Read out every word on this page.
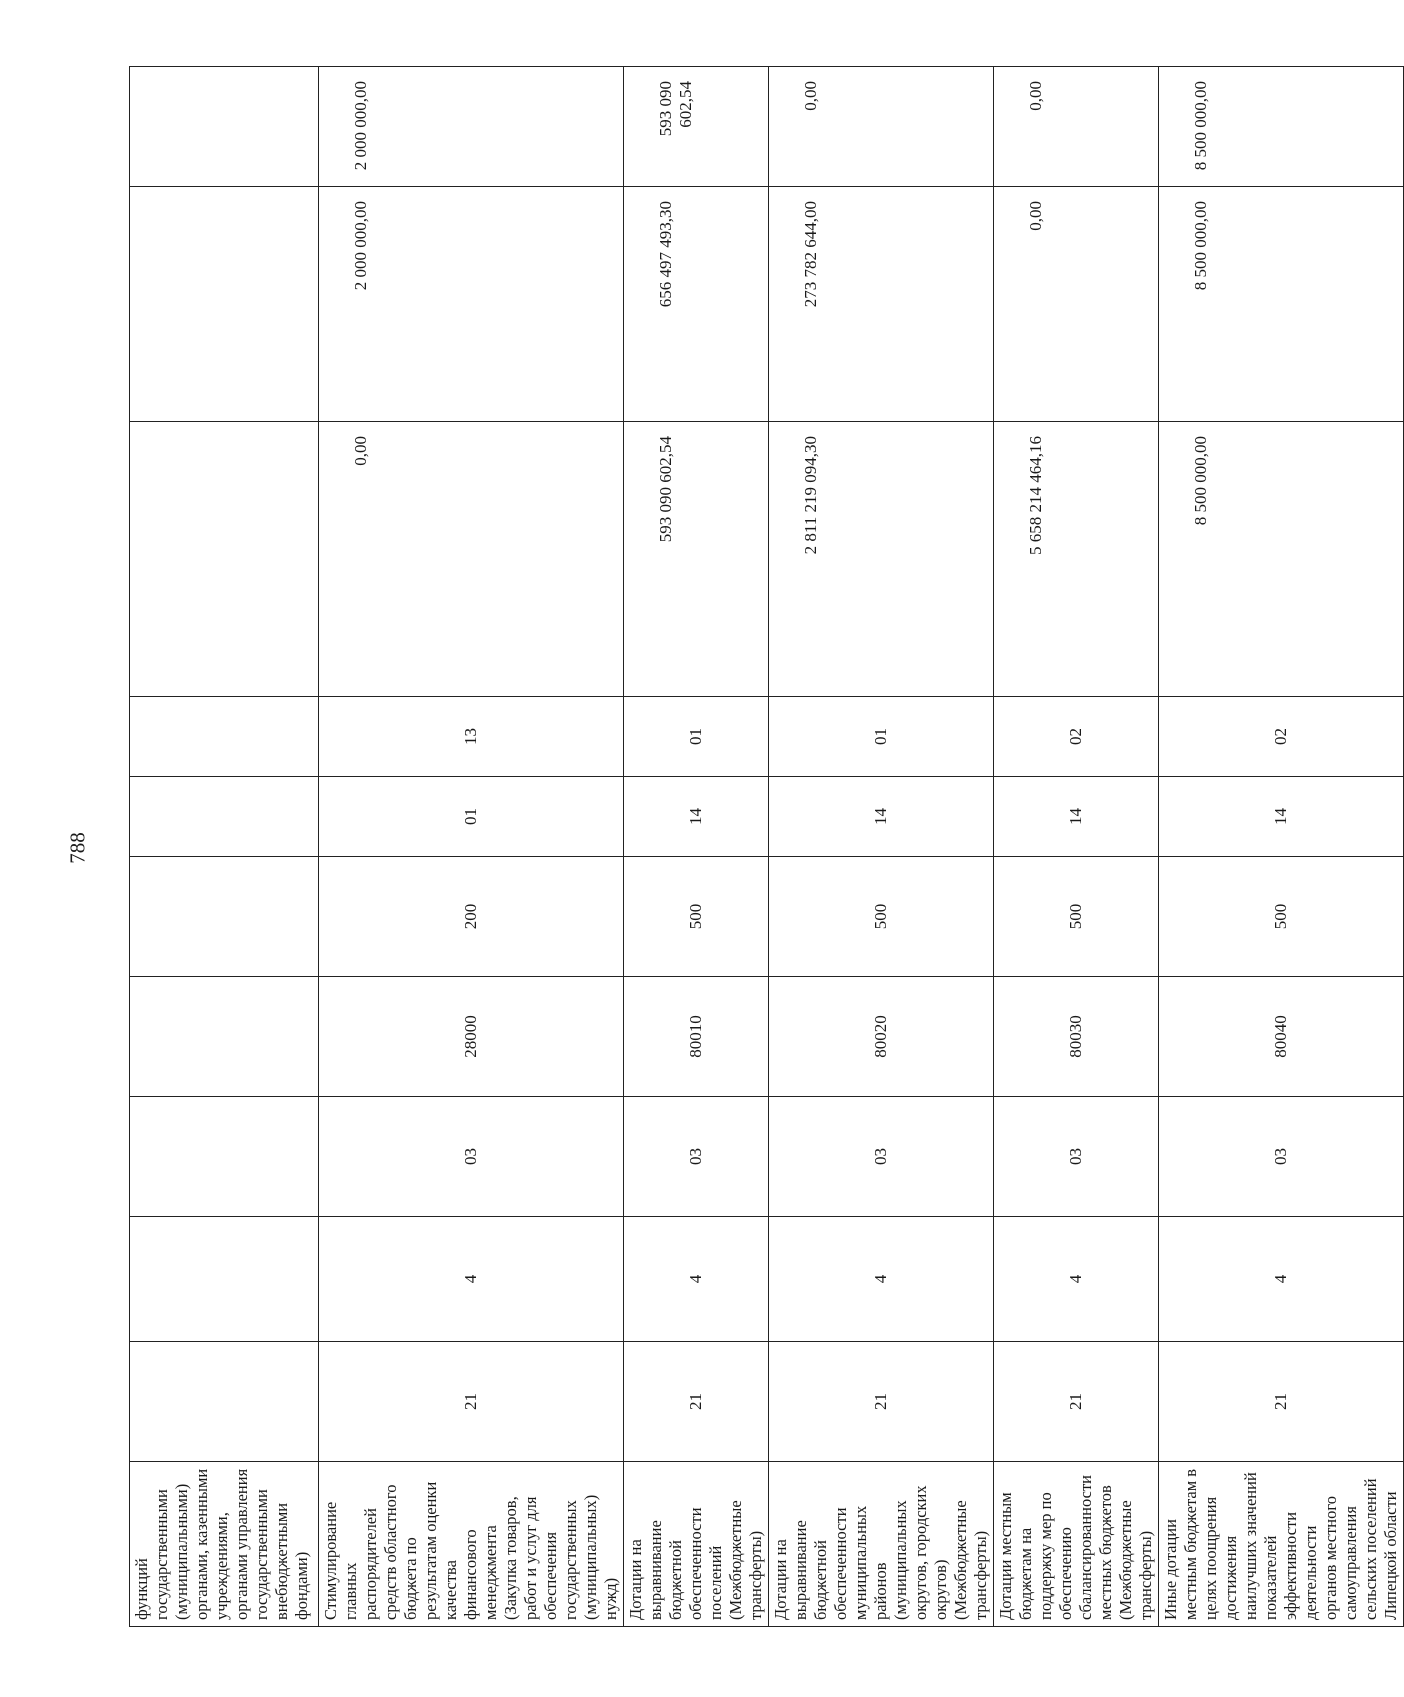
788
функций государственными (муниципальными) органами, казенными учреждениями, органами управления государственными внебюджетными фондами)										
Стимулирование главных распорядителей средств областного бюджета по результатам оценки качества финансового менеджмента (Закупка товаров, работ и услуг для обеспечения государственных (муниципальных) нужд)	21	4	03	28000	200	01	13	0,00	2 000 000,00	2 000 000,00
Дотации на выравнивание бюджетной обеспеченности поселений (Межбюджетные трансферты)	21	4	03	80010	500	14	01	593 090 602,54	656 497 493,30	593 090 602,54
Дотации на выравнивание бюджетной обеспеченности муниципальных районов (муниципальных округов, городских округов) (Межбюджетные трансферты)	21	4	03	80020	500	14	01	2 811 219 094,30	273 782 644,00	0,00
Дотации местным бюджетам на поддержку мер по обеспечению сбалансированности местных бюджетов (Межбюджетные трансферты)	21	4	03	80030	500	14	02	5 658 214 464,16	0,00	0,00
Иные дотации местным бюджетам в целях поощрения достижения наилучших значений показателей эффективности деятельности органов местного самоуправления сельских поселений Липецкой области	21	4	03	80040	500	14	02	8 500 000,00	8 500 000,00	8 500 000,00
